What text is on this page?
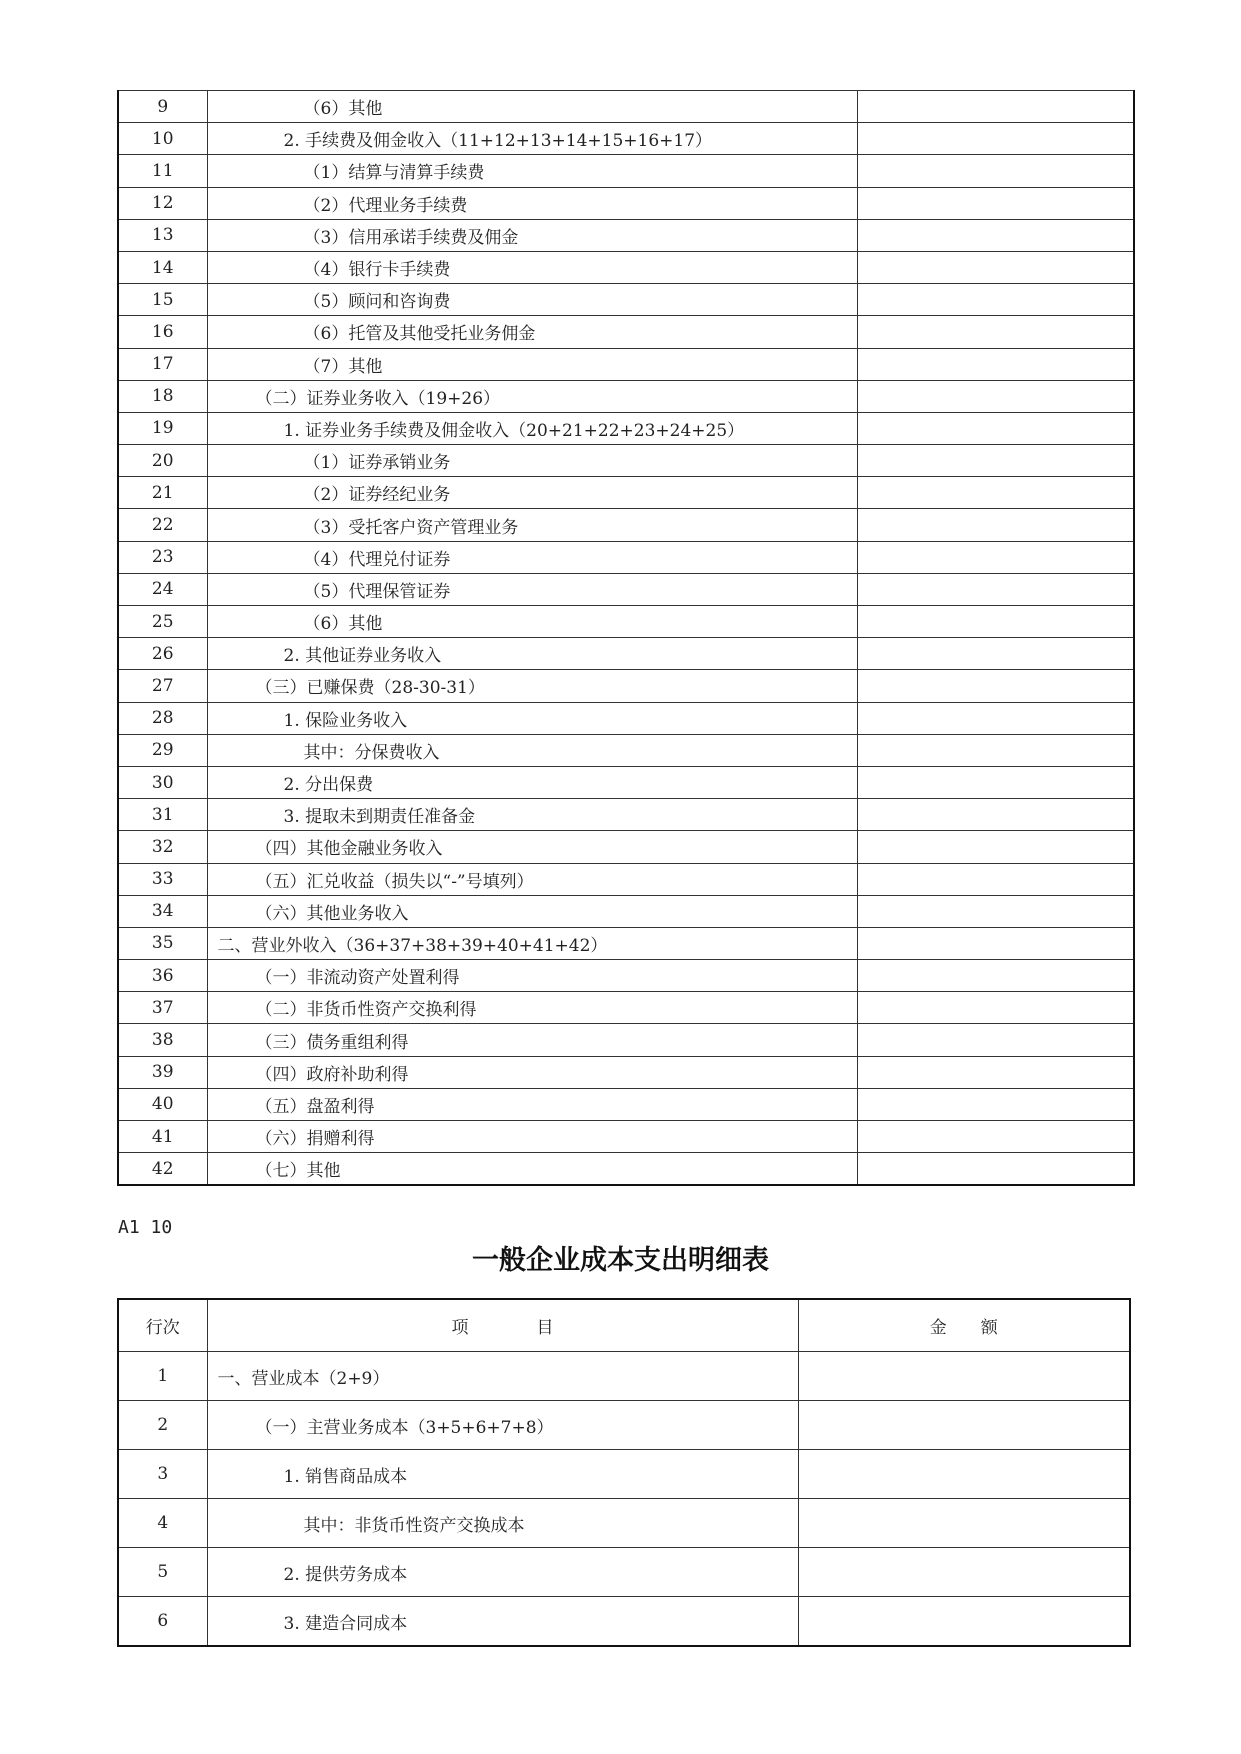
9	（6）其他	
10	2. 手续费及佣金收入（11+12+13+14+15+16+17）	
11	（1）结算与清算手续费	
12	（2）代理业务手续费	
13	（3）信用承诺手续费及佣金	
14	（4）银行卡手续费	
15	（5）顾问和咨询费	
16	（6）托管及其他受托业务佣金	
17	（7）其他	
18	（二）证券业务收入（19+26）	
19	1. 证券业务手续费及佣金收入（20+21+22+23+24+25）	
20	（1）证券承销业务	
21	（2）证券经纪业务	
22	（3）受托客户资产管理业务	
23	（4）代理兑付证券	
24	（5）代理保管证券	
25	（6）其他	
26	2. 其他证券业务收入	
27	（三）已赚保费（28-30-31）	
28	1. 保险业务收入	
29	其中：分保费收入	
30	2. 分出保费	
31	3. 提取未到期责任准备金	
32	（四）其他金融业务收入	
33	（五）汇兑收益（损失以“-”号填列）	
34	（六）其他业务收入	
35	二、营业外收入（36+37+38+39+40+41+42）	
36	（一）非流动资产处置利得	
37	（二）非货币性资产交换利得	
38	（三）债务重组利得	
39	（四）政府补助利得	
40	（五）盘盈利得	
41	（六）捐赠利得	
42	（七）其他	
A1 10
一般企业成本支出明细表
行次	项　　　　目	金　　额
1	一、营业成本（2+9）	
2	（一）主营业务成本（3+5+6+7+8）	
3	1. 销售商品成本	
4	其中：非货币性资产交换成本	
5	2. 提供劳务成本	
6	3. 建造合同成本	
